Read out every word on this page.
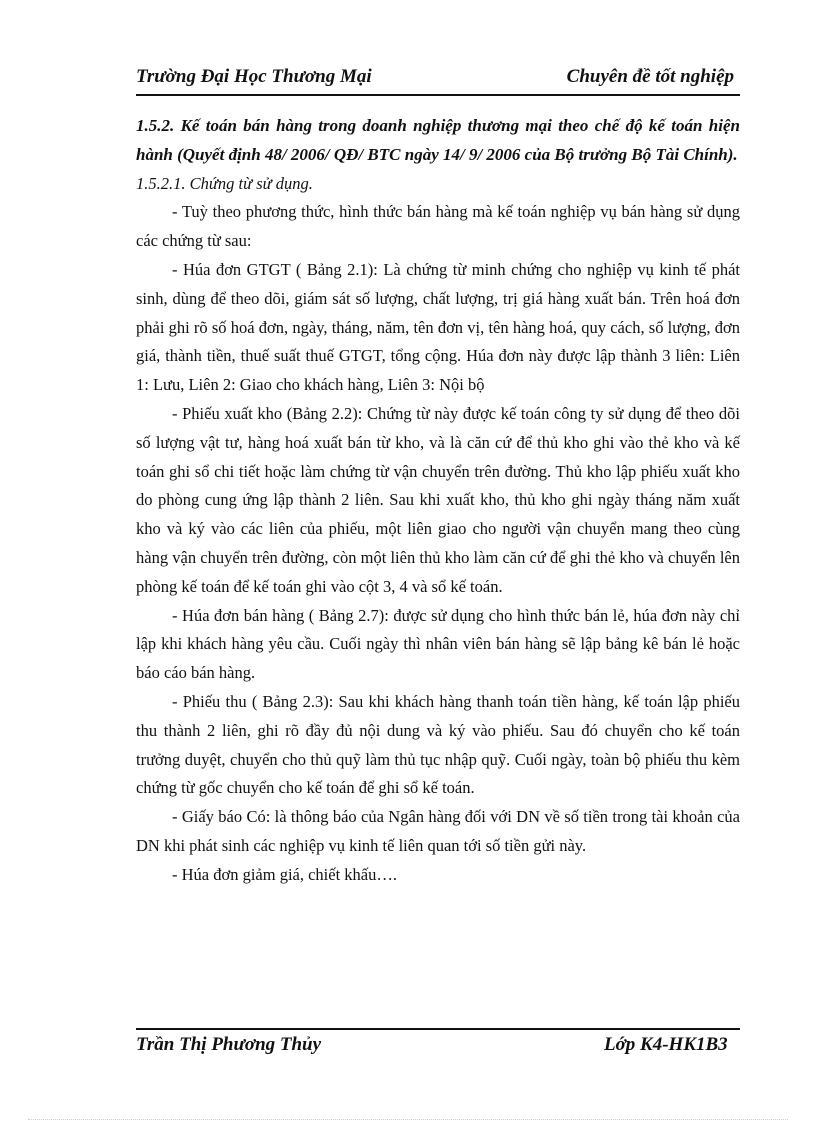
Trường Đại Học Thương Mại	Chuyên đề tốt nghiệp

1.5.2. Kế toán bán hàng trong doanh nghiệp thương mại theo chế độ kế toán hiện hành (Quyết định 48/ 2006/ QĐ/ BTC ngày 14/ 9/ 2006 của Bộ trưởng Bộ Tài Chính).

1.5.2.1. Chứng từ sử dụng.

- Tuỳ theo phương thức, hình thức bán hàng mà kế toán nghiệp vụ bán hàng sử dụng các chứng từ sau:

- Húa đơn GTGT ( Bảng 2.1): Là chứng từ minh chứng cho nghiệp vụ kinh tế phát sinh, dùng để theo dõi, giám sát số lượng, chất lượng, trị giá hàng xuất bán. Trên hoá đơn phải ghi rõ số hoá đơn, ngày, tháng, năm, tên đơn vị, tên hàng hoá, quy cách, số lượng, đơn giá, thành tiền, thuế suất thuế GTGT, tổng cộng. Húa đơn này được lập thành 3 liên: Liên 1: Lưu, Liên 2: Giao cho khách hàng, Liên 3: Nội bộ

- Phiếu xuất kho (Bảng 2.2): Chứng từ này được kế toán công ty sử dụng để theo dõi số lượng vật tư, hàng hoá xuất bán từ kho, và là căn cứ để thủ kho ghi vào thẻ kho và kế toán ghi sổ chi tiết hoặc làm chứng từ vận chuyển trên đường. Thủ kho lập phiếu xuất kho do phòng cung ứng lập thành 2 liên. Sau khi xuất kho, thủ kho ghi ngày tháng năm xuất kho và ký vào các liên của phiếu, một liên giao cho người vận chuyển mang theo cùng hàng vận chuyển trên đường, còn một liên thủ kho làm căn cứ để ghi thẻ kho và chuyển lên phòng kế toán để kế toán ghi vào cột 3, 4 và sổ kế toán.

- Húa đơn bán hàng ( Bảng 2.7): được sử dụng cho hình thức bán lẻ, húa đơn này chỉ lập khi khách hàng yêu cầu. Cuối ngày thì nhân viên bán hàng sẽ lập bảng kê bán lẻ hoặc báo cáo bán hàng.

- Phiếu thu ( Bảng 2.3): Sau khi khách hàng thanh toán tiền hàng, kế toán lập phiếu thu thành 2 liên, ghi rõ đầy đủ nội dung và ký vào phiếu. Sau đó chuyển cho kế toán trưởng duyệt, chuyển cho thủ quỹ làm thủ tục nhập quỹ. Cuối ngày, toàn bộ phiếu thu kèm chứng từ gốc chuyển cho kế toán để ghi sổ kế toán.

- Giấy báo Có: là thông báo của Ngân hàng đối với DN về số tiền trong tài khoản của DN khi phát sinh các nghiệp vụ kinh tế liên quan tới số tiền gửi này.

- Húa đơn giảm giá, chiết khấu….

Trần Thị Phương Thủy	Lớp K4-HK1B3
